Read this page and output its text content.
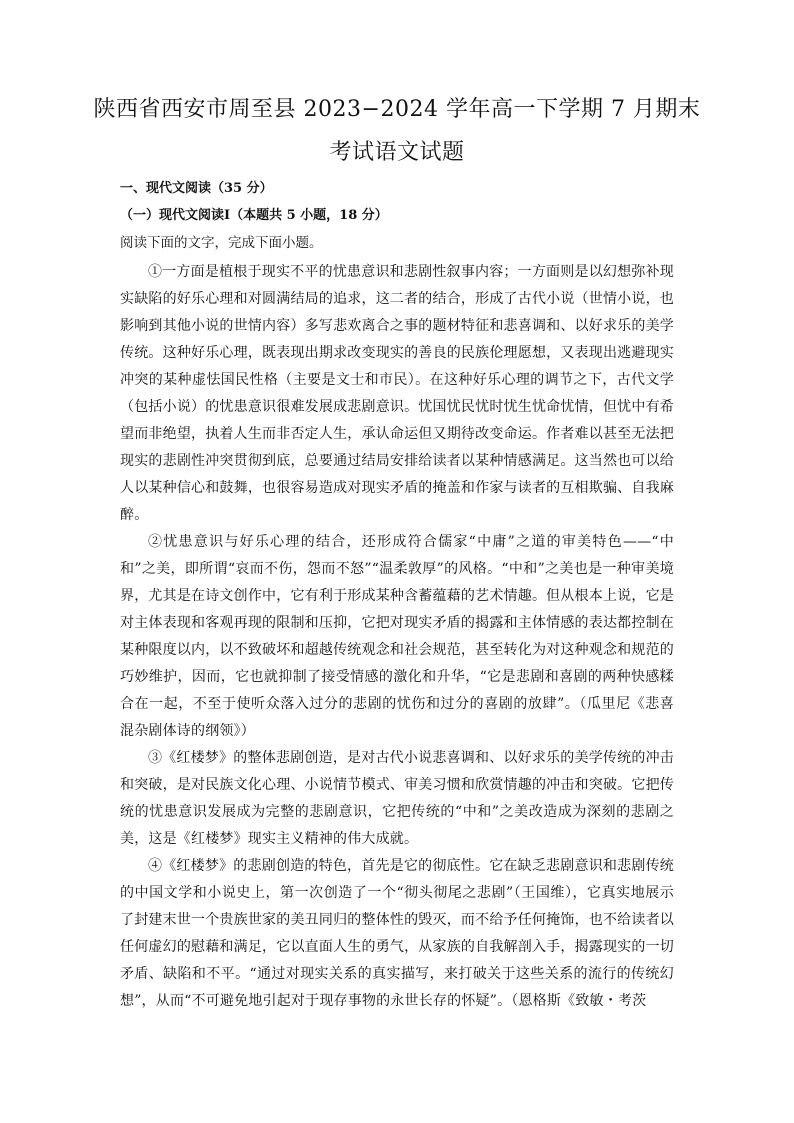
陕西省西安市周至县 2023−2024 学年高一下学期 7 月期末
考试语文试题
一、现代文阅读（35 分）
（一）现代文阅读Ⅰ（本题共 5 小题，18 分）
阅读下面的文字，完成下面小题。

①一方面是植根于现实不平的忧患意识和悲剧性叙事内容；一方面则是以幻想弥补现实缺陷的好乐心理和对圆满结局的追求，这二者的结合，形成了古代小说（世情小说，也影响到其他小说的世情内容）多写悲欢离合之事的题材特征和悲喜调和、以好求乐的美学传统。这种好乐心理，既表现出期求改变现实的善良的民族伦理愿想，又表现出逃避现实冲突的某种虚怯国民性格（主要是文士和市民）。在这种好乐心理的调节之下，古代文学（包括小说）的忧患意识很难发展成悲剧意识。忧国忧民忧时忧生忧命忧情，但忧中有希望而非绝望，执着人生而非否定人生，承认命运但又期待改变命运。作者难以甚至无法把现实的悲剧性冲突贯彻到底，总要通过结局安排给读者以某种情感满足。这当然也可以给人以某种信心和鼓舞，也很容易造成对现实矛盾的掩盖和作家与读者的互相欺骗、自我麻醉。

②忧患意识与好乐心理的结合，还形成符合儒家“中庸”之道的审美特色——“中和”之美，即所谓“哀而不伤，怨而不怒”“温柔敦厚”的风格。“中和”之美也是一种审美境界，尤其是在诗文创作中，它有利于形成某种含蓄蕴藉的艺术情趣。但从根本上说，它是对主体表现和客观再现的限制和压抑，它把对现实矛盾的揭露和主体情感的表达都控制在某种限度以内，以不致破坏和超越传统观念和社会规范，甚至转化为对这种观念和规范的巧妙维护，因而，它也就抑制了接受情感的激化和升华，“它是悲剧和喜剧的两种快感糅合在一起，不至于使听众落入过分的悲剧的忧伤和过分的喜剧的放肆”。（瓜里尼《悲喜混杂剧体诗的纲领》）

③《红楼梦》的整体悲剧创造，是对古代小说悲喜调和、以好求乐的美学传统的冲击和突破，是对民族文化心理、小说情节模式、审美习惯和欣赏情趣的冲击和突破。它把传统的忧患意识发展成为完整的悲剧意识，它把传统的“中和”之美改造成为深刻的悲剧之美，这是《红楼梦》现实主义精神的伟大成就。

④《红楼梦》的悲剧创造的特色，首先是它的彻底性。它在缺乏悲剧意识和悲剧传统的中国文学和小说史上，第一次创造了一个“彻头彻尾之悲剧”（王国维），它真实地展示了封建末世一个贵族世家的美丑同归的整体性的毁灭，而不给予任何掩饰，也不给读者以任何虚幻的慰藉和满足，它以直面人生的勇气，从家族的自我解剖入手，揭露现实的一切矛盾、缺陷和不平。“通过对现实关系的真实描写，来打破关于这些关系的流行的传统幻想”，从而“不可避免地引起对于现存事物的永世长存的怀疑”。（恩格斯《致敏・考茨
